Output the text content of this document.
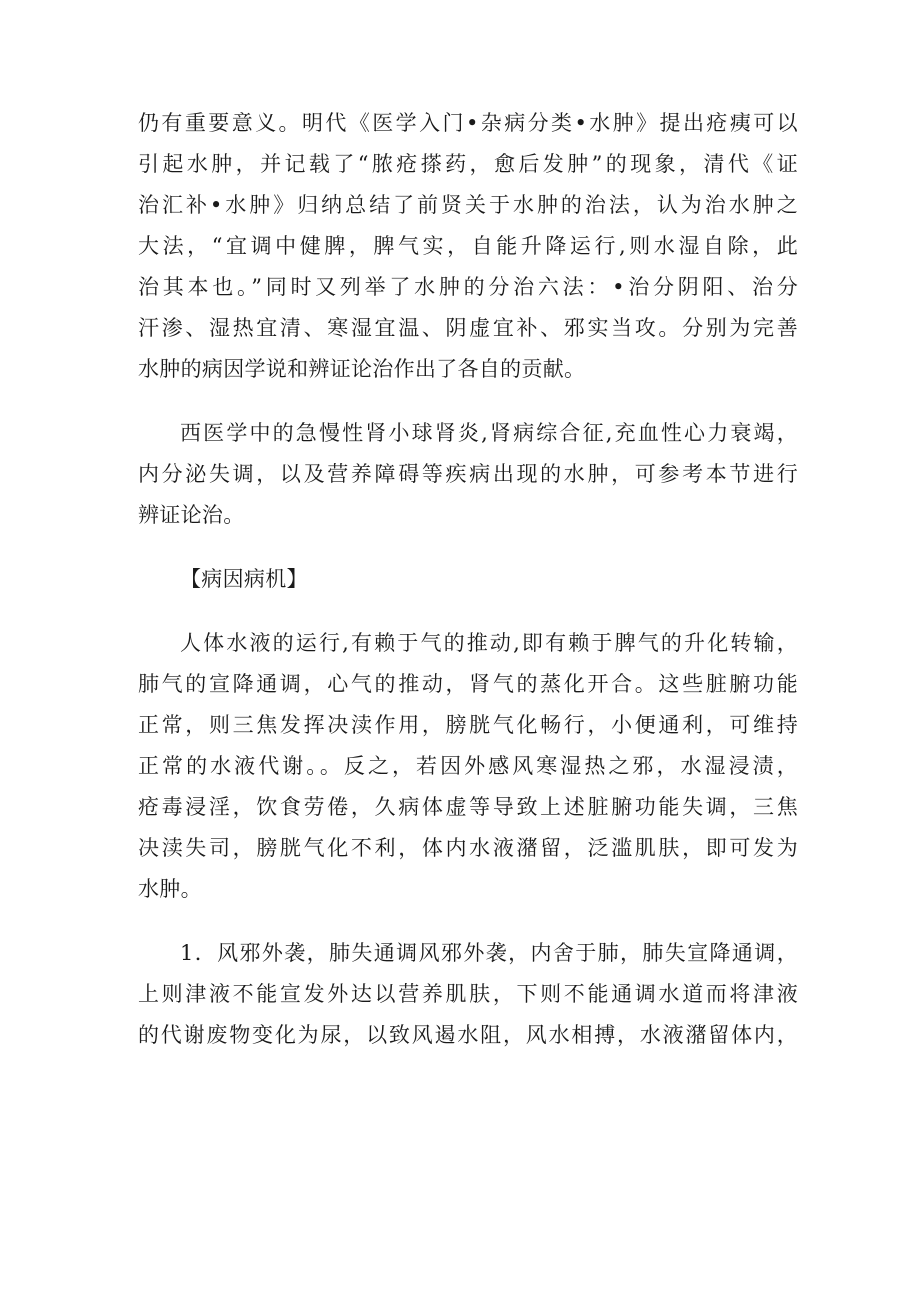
仍有重要意义。明代《医学入门•杂病分类•水肿》提出疮痍可以
引起水肿，并记载了“脓疮搽药，愈后发肿”的现象，清代《证
治汇补•水肿》归纳总结了前贤关于水肿的治法，认为治水肿之
大法，“宜调中健脾，脾气实，自能升降运行,则水湿自除，此
治其本也。”同时又列举了水肿的分治六法：•治分阴阳、治分
汗渗、湿热宜清、寒湿宜温、阴虚宜补、邪实当攻。分别为完善
水肿的病因学说和辨证论治作出了各自的贡献。
西医学中的急慢性肾小球肾炎,肾病综合征,充血性心力衰竭，
内分泌失调，以及营养障碍等疾病出现的水肿，可参考本节进行
辨证论治。
【病因病机】
人体水液的运行,有赖于气的推动,即有赖于脾气的升化转输，
肺气的宣降通调，心气的推动，肾气的蒸化开合。这些脏腑功能
正常，则三焦发挥决渎作用，膀胱气化畅行，小便通利，可维持
正常的水液代谢。。反之，若因外感风寒湿热之邪，水湿浸渍，
疮毒浸淫，饮食劳倦，久病体虚等导致上述脏腑功能失调，三焦
决渎失司，膀胱气化不利，体内水液潴留，泛滥肌肤，即可发为
水肿。
1．风邪外袭，肺失通调风邪外袭，内舍于肺，肺失宣降通调，
上则津液不能宣发外达以营养肌肤，下则不能通调水道而将津液
的代谢废物变化为尿，以致风遏水阻，风水相搏，水液潴留体内，
